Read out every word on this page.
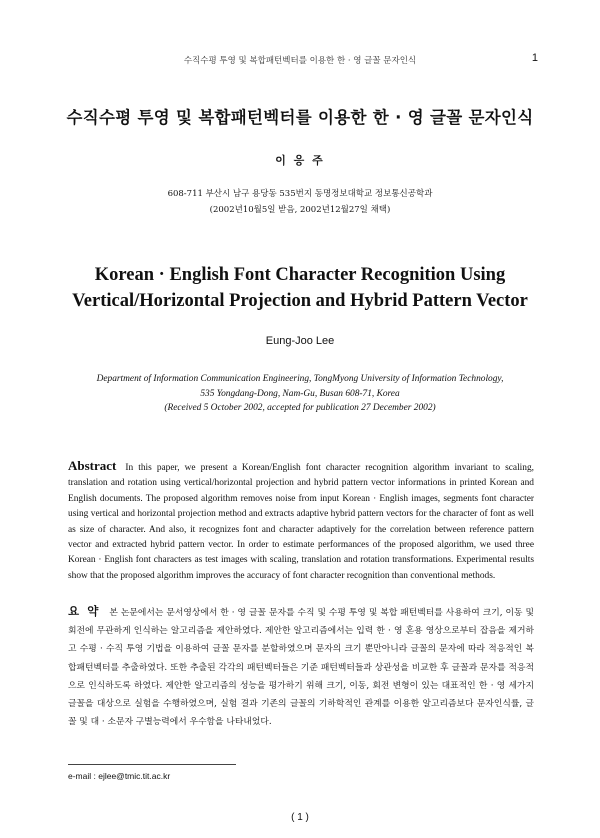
수직수평 투영 및 복합패턴벡터를 이용한 한 · 영 글꼴 문자인식	1
수직수평 투영 및 복합패턴벡터를 이용한 한 · 영 글꼴 문자인식
이 응 주
608-711 부산시 남구 용당동 535번지 동명정보대학교 정보통신공학과
(2002년10월5일 받음, 2002년12월27일 채택)
Korean · English Font Character Recognition Using
Vertical/Horizontal Projection and Hybrid Pattern Vector
Eung-Joo Lee
Department of Information Communication Engineering, TongMyong University of Information Technology,
535 Yongdang-Dong, Nam-Gu, Busan 608-71, Korea
(Received 5 October 2002, accepted for publication 27 December 2002)
Abstract In this paper, we present a Korean/English font character recognition algorithm invariant to scaling, translation and rotation using vertical/horizontal projection and hybrid pattern vector informations in printed Korean and English documents. The proposed algorithm removes noise from input Korean · English images, segments font character using vertical and horizontal projection method and extracts adaptive hybrid pattern vectors for the character of font as well as size of character. And also, it recognizes font and character adaptively for the correlation between reference pattern vector and extracted hybrid pattern vector. In order to estimate performances of the proposed algorithm, we used three Korean · English font characters as test images with scaling, translation and rotation transformations. Experimental results show that the proposed algorithm improves the accuracy of font character recognition than conventional methods.
요 약 본 논문에서는 문서영상에서 한 · 영 글꼴 문자를 수직 및 수평 투영 및 복합 패턴벡터를 사용하여 크기, 이동 및 회전에 무관하게 인식하는 알고리즘을 제안하였다. 제안한 알고리즘에서는 입력 한 · 영 혼용 영상으로부터 잡음을 제거하고 수평 · 수직 투영 기법을 이용하여 글꼴 문자를 분할하였으며 문자의 크기 뿐만아니라 글꼴의 문자에 따라 적응적인 복합패턴벡터를 추출하였다. 또한 추출된 각각의 패턴벡터들은 기준 패턴벡터들과 상관성을 비교한 후 글꼴과 문자를 적응적으로 인식하도록 하였다. 제안한 알고리즘의 성능을 평가하기 위해 크기, 이동, 회전 변형이 있는 대표적인 한 · 영 세가지 글꼴을 대상으로 실험을 수행하였으며, 실험 결과 기존의 글꼴의 기하학적인 관계를 이용한 알고리즘보다 문자인식률, 글꼴 및 대 · 소문자 구별능력에서 우수함을 나타내었다.
e-mail : ejlee@tmic.tit.ac.kr
( 1 )
